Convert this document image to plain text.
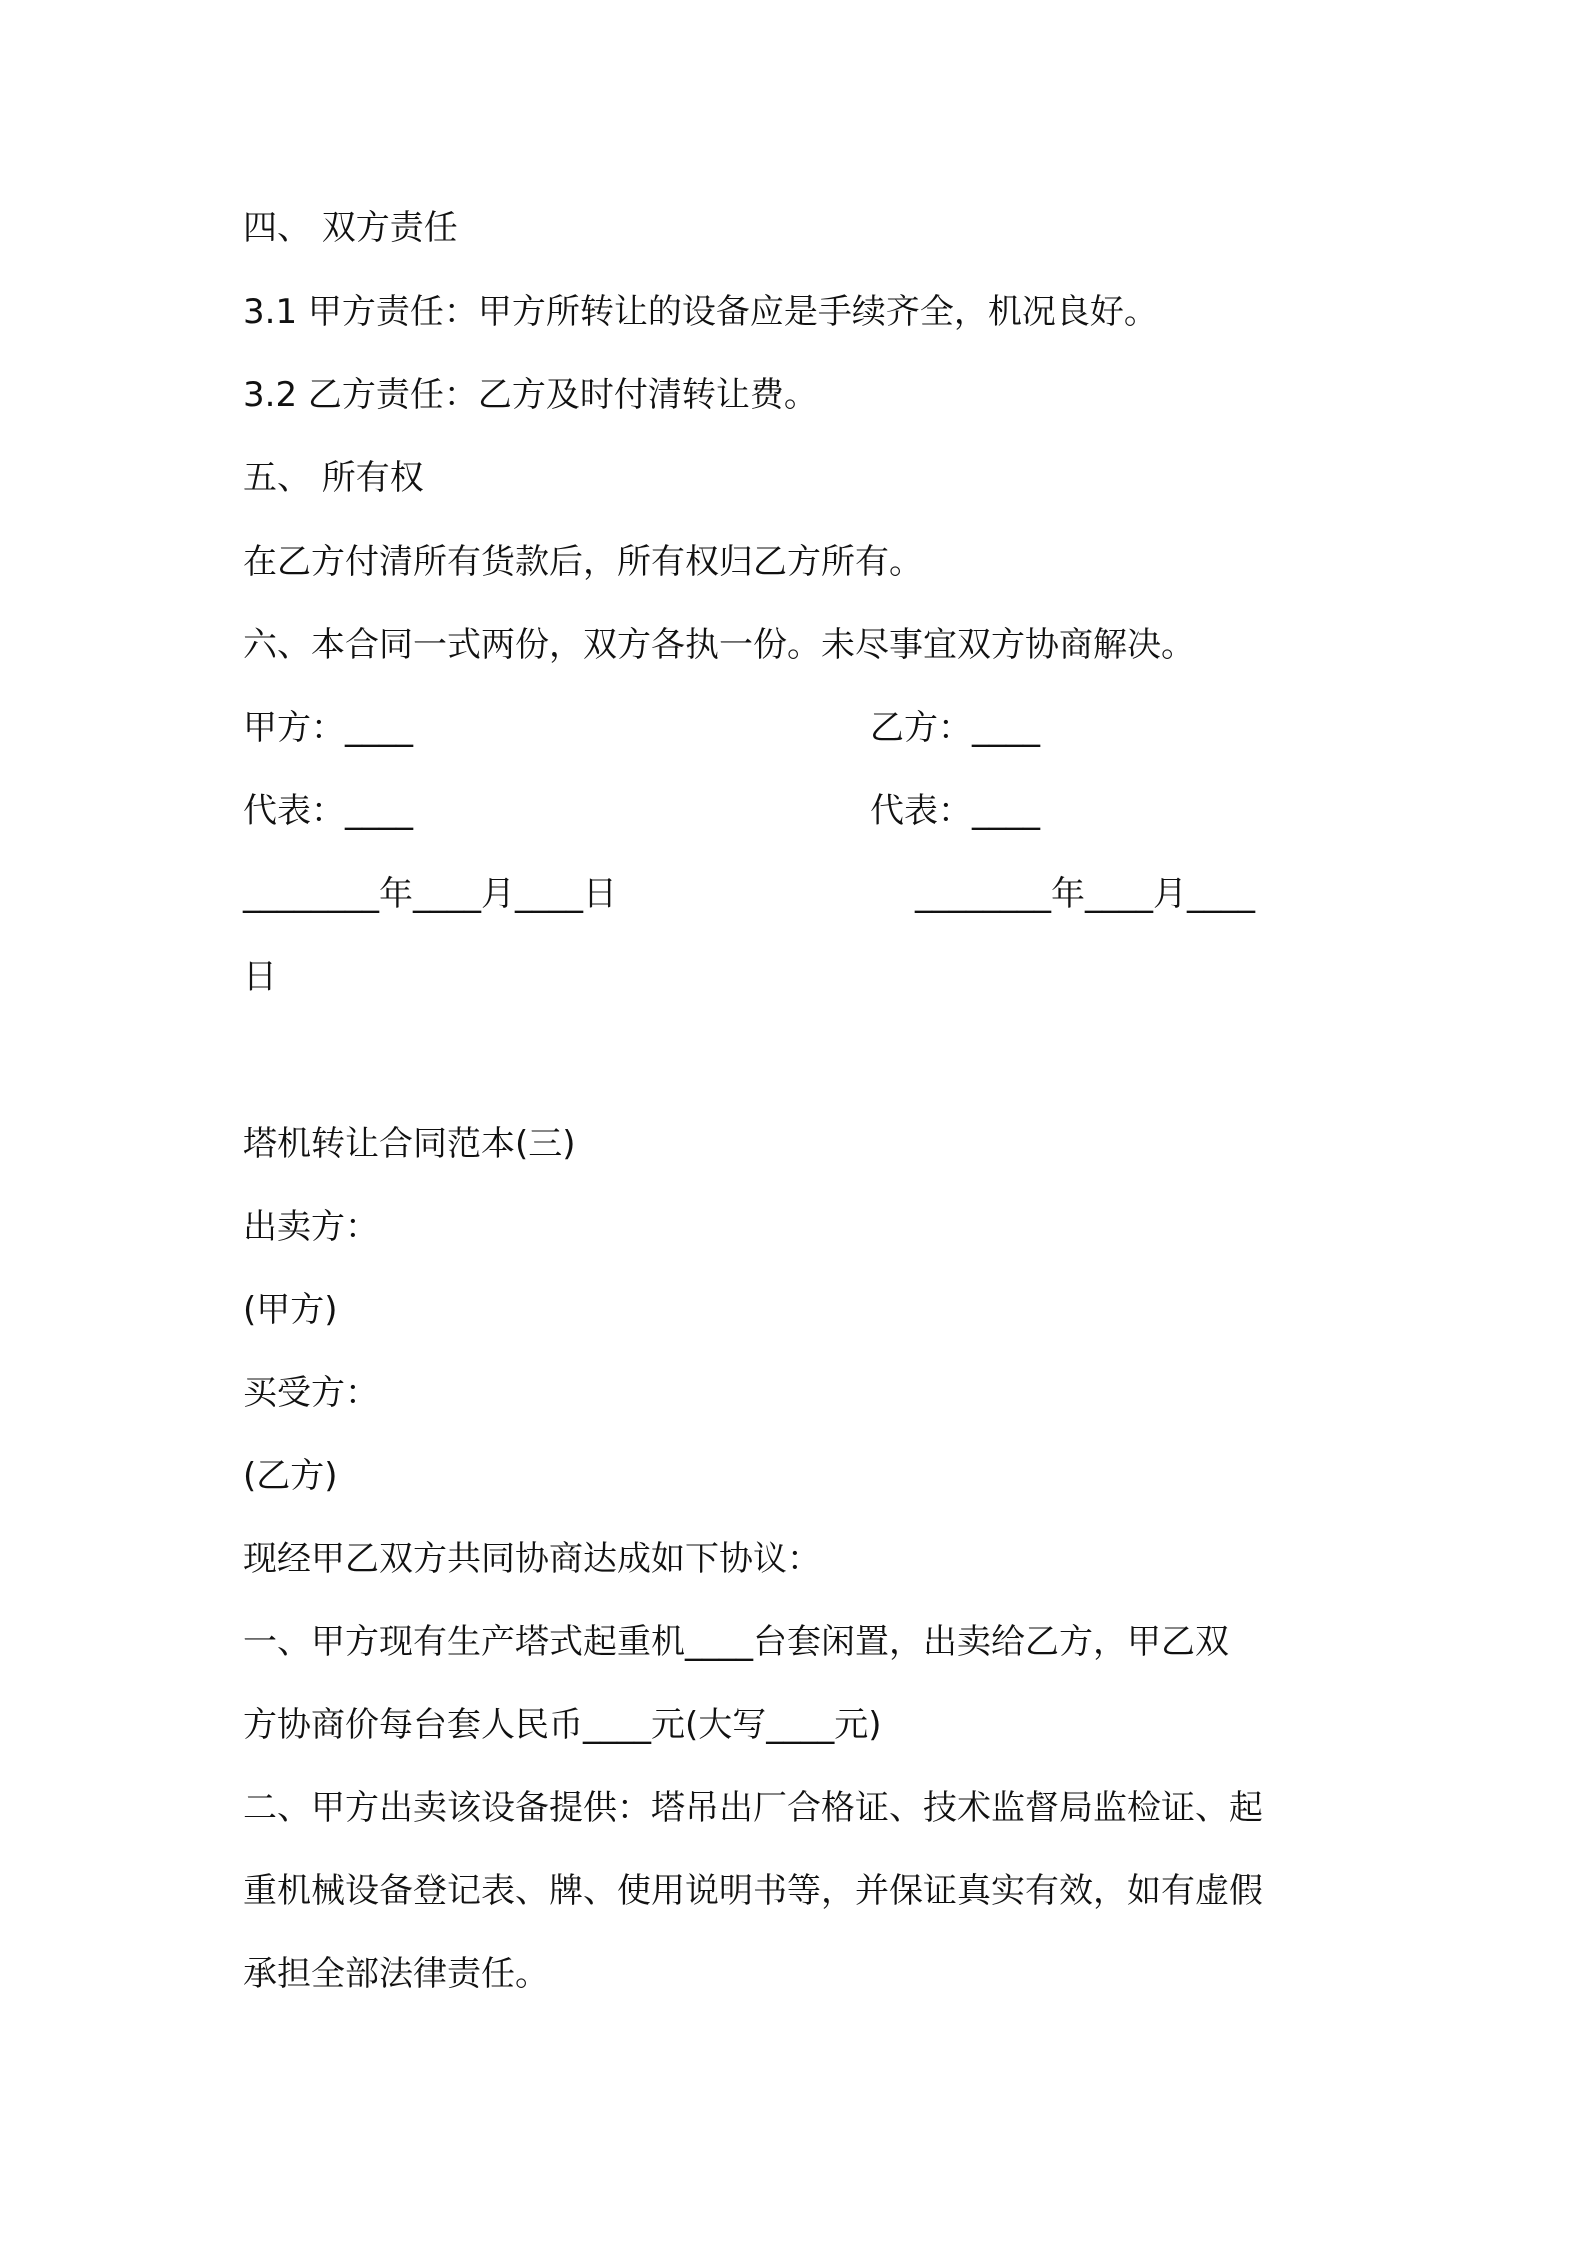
四、 双方责任
3.1 甲方责任：甲方所转让的设备应是手续齐全，机况良好。
3.2 乙方责任：乙方及时付清转让费。
五、 所有权
在乙方付清所有货款后，所有权归乙方所有。
六、本合同一式两份，双方各执一份。未尽事宜双方协商解决。
甲方：____	乙方：____
代表：____	代表：____
________年____月____日	________年____月____
日
塔机转让合同范本(三)
出卖方：
(甲方)
买受方：
(乙方)
现经甲乙双方共同协商达成如下协议：
一、甲方现有生产塔式起重机____台套闲置，出卖给乙方，甲乙双
方协商价每台套人民币____元(大写____元)
二、甲方出卖该设备提供：塔吊出厂合格证、技术监督局监检证、起
重机械设备登记表、牌、使用说明书等，并保证真实有效，如有虚假
承担全部法律责任。
